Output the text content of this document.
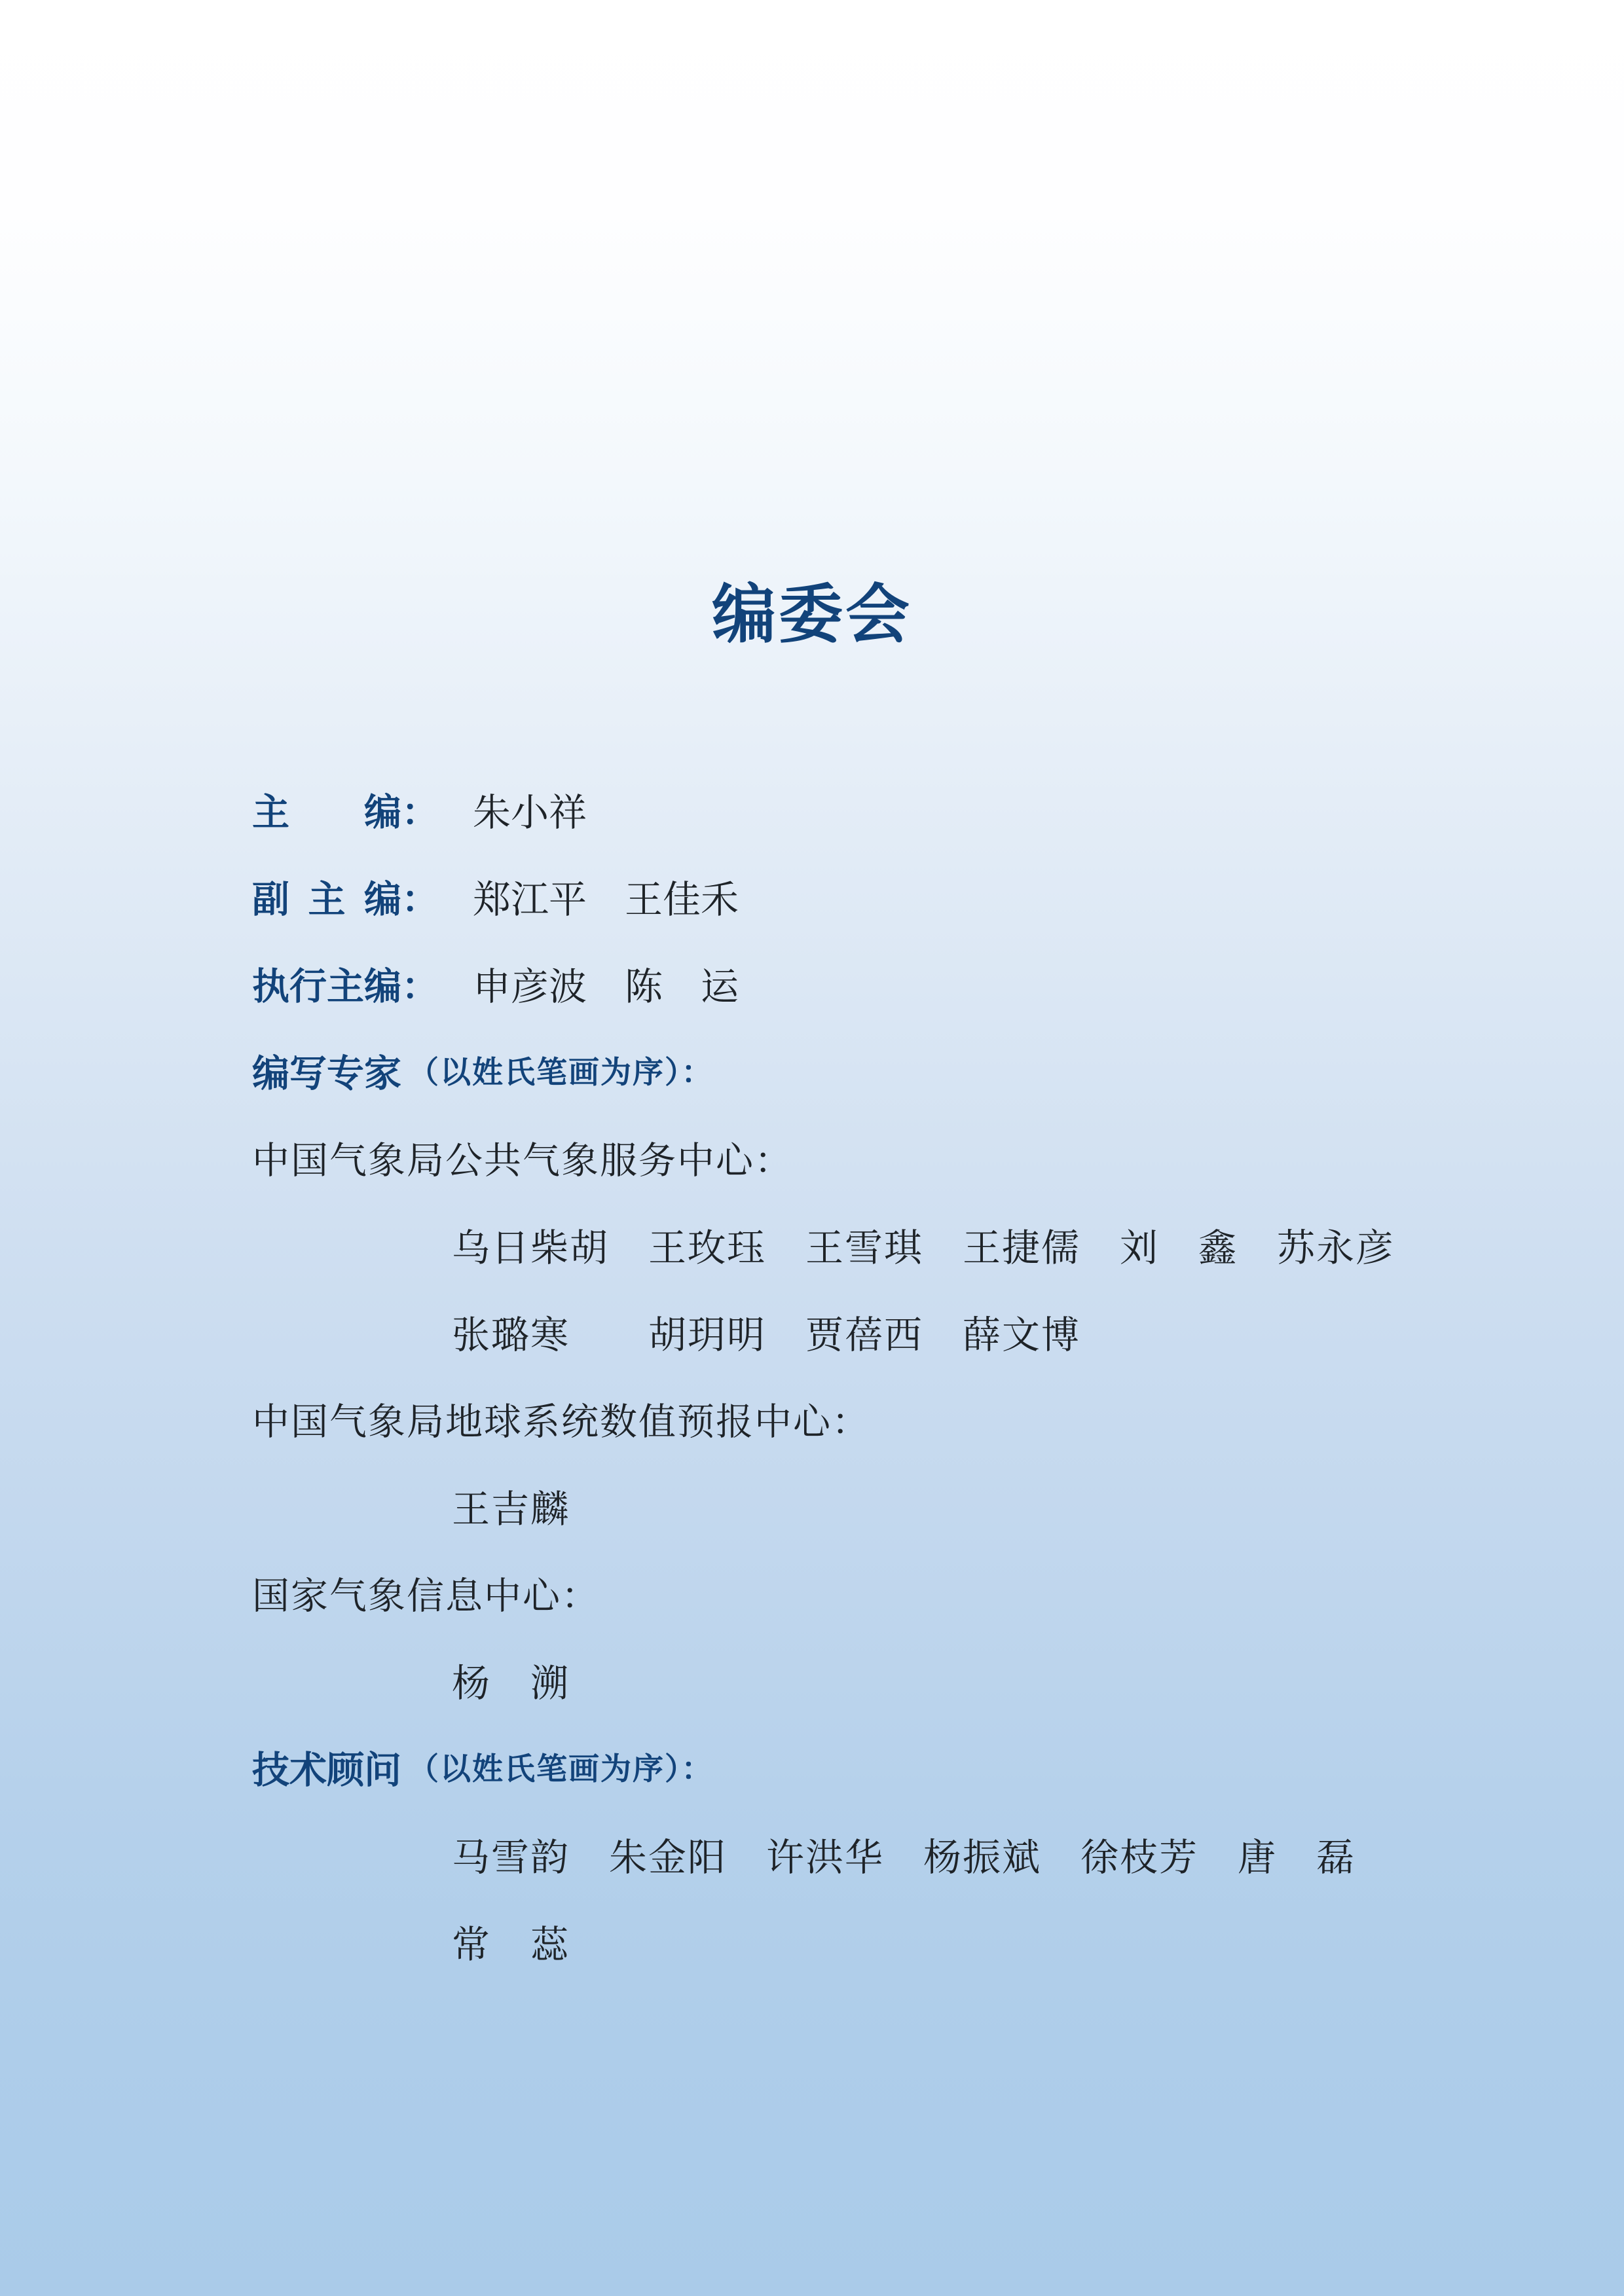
编委会
主 编： 朱小祥
副 主 编： 郑江平　王佳禾
执行主编： 申彦波　陈　运
编写专家 （以姓氏笔画为序）：
中国气象局公共气象服务中心：
乌日柴胡　王玫珏　王雪琪　王捷儒　刘　鑫　苏永彦
张璐寒　　胡玥明　贾蓓西　薛文博
中国气象局地球系统数值预报中心：
王吉麟
国家气象信息中心：
杨　溯
技术顾问 （以姓氏笔画为序）：
马雪韵　朱金阳　许洪华　杨振斌　徐枝芳　唐　磊
常　蕊
